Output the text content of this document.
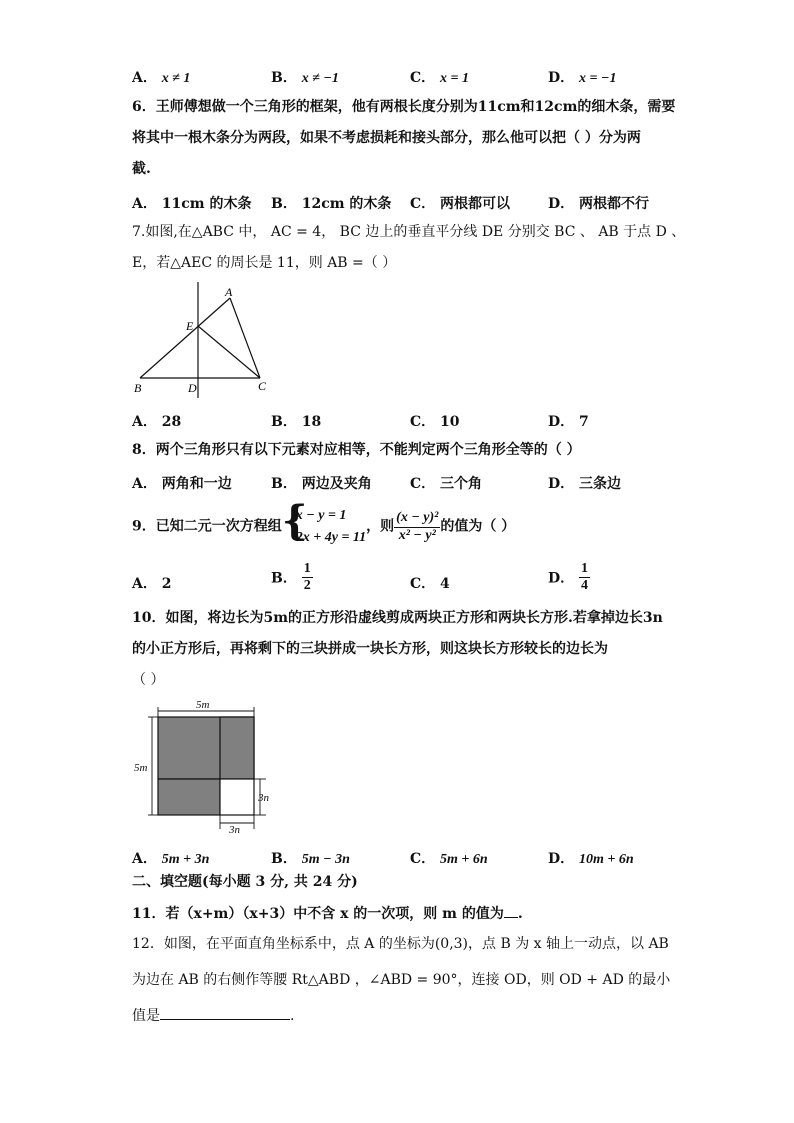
A． x ≠ 1	B． x ≠ −1	C． x = 1	D． x = −1
6．王师傅想做一个三角形的框架，他有两根长度分别为11cm和12cm的细木条，需要
将其中一根木条分为两段，如果不考虑损耗和接头部分，那么他可以把（ ）分为两
截.
A． 11cm 的木条 B． 12cm 的木条 C． 两根都可以	D． 两根都不行
7.如图,在△ABC 中， AC = 4， BC 边上的垂直平分线 DE 分别交 BC 、 AB 于点 D 、
E，若△AEC 的周长是 11，则 AB =（ ）
A
E
B	D	C
A． 28	B． 18	C． 10	D． 7
8．两个三角形只有以下元素对应相等，不能判定两个三角形全等的（ ）
A． 两角和一边	B． 两边及夹角	C． 三个角	D． 三条边
9．已知二元一次方程组 {
x − y = 1
2x + 4y = 11
，则 $\frac{\text{(x − y)²}}{\text{x² − y²}}$ 的值为（ ）
A． 2	B． $\frac{1}{2}$	C． 4	D． $\frac{1}{4}$
10．如图，将边长为5m的正方形沿虚线剪成两块正方形和两块长方形.若拿掉边长3n
的小正方形后，再将剩下的三块拼成一块长方形，则这块长方形较长的边长为
（ ）
5m
5m
3n
3n
A． 5m + 3n	B． 5m − 3n	C． 5m + 6n	D． 10m + 6n
二、填空题(每小题 3 分, 共 24 分)
11．若（x+m）（x+3）中不含 x 的一次项，则 m 的值为 .
12．如图，在平面直角坐标系中，点 A 的坐标为(0,3)，点 B 为 x 轴上一动点，以 AB
为边在 AB 的右侧作等腰 Rt△ABD ，∠ABD = 90°，连接 OD，则 OD + AD 的最小
值是	.
